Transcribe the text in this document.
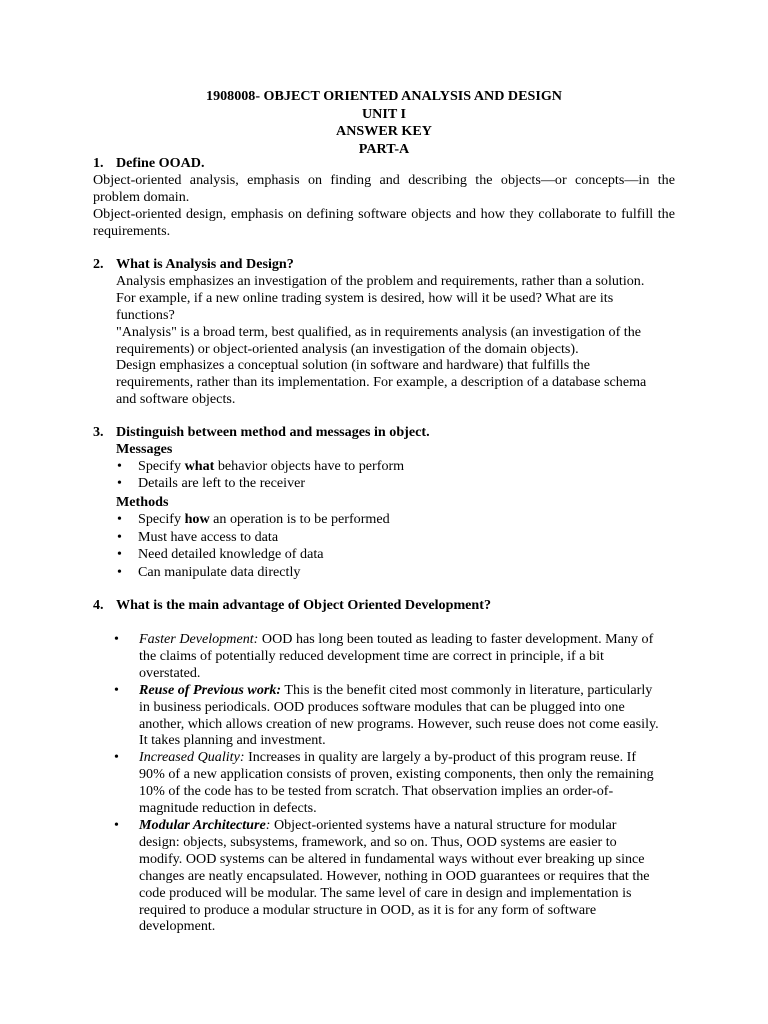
1908008- OBJECT ORIENTED ANALYSIS AND DESIGN
UNIT I
ANSWER KEY
PART-A
1. Define OOAD.
Object-oriented analysis, emphasis on finding and describing the objects—or concepts—in the problem domain.
Object-oriented design, emphasis on defining software objects and how they collaborate to fulfill the requirements.
2. What is Analysis and Design?
Analysis emphasizes an investigation of the problem and requirements, rather than a solution.
For example, if a new online trading system is desired, how will it be used? What are its functions?
"Analysis" is a broad term, best qualified, as in requirements analysis (an investigation of the requirements) or object-oriented analysis (an investigation of the domain objects).
Design emphasizes a conceptual solution (in software and hardware) that fulfills the requirements, rather than its implementation. For example, a description of a database schema and software objects.
3. Distinguish between method and messages in object.
Messages
• Specify what behavior objects have to perform
• Details are left to the receiver
Methods
• Specify how an operation is to be performed
• Must have access to data
• Need detailed knowledge of data
• Can manipulate data directly
4. What is the main advantage of Object Oriented Development?
• Faster Development: OOD has long been touted as leading to faster development. Many of the claims of potentially reduced development time are correct in principle, if a bit overstated.
• Reuse of Previous work: This is the benefit cited most commonly in literature, particularly in business periodicals. OOD produces software modules that can be plugged into one another, which allows creation of new programs. However, such reuse does not come easily. It takes planning and investment.
• Increased Quality: Increases in quality are largely a by-product of this program reuse. If 90% of a new application consists of proven, existing components, then only the remaining 10% of the code has to be tested from scratch. That observation implies an order-of-magnitude reduction in defects.
• Modular Architecture: Object-oriented systems have a natural structure for modular design: objects, subsystems, framework, and so on. Thus, OOD systems are easier to modify. OOD systems can be altered in fundamental ways without ever breaking up since changes are neatly encapsulated. However, nothing in OOD guarantees or requires that the code produced will be modular. The same level of care in design and implementation is required to produce a modular structure in OOD, as it is for any form of software development.
